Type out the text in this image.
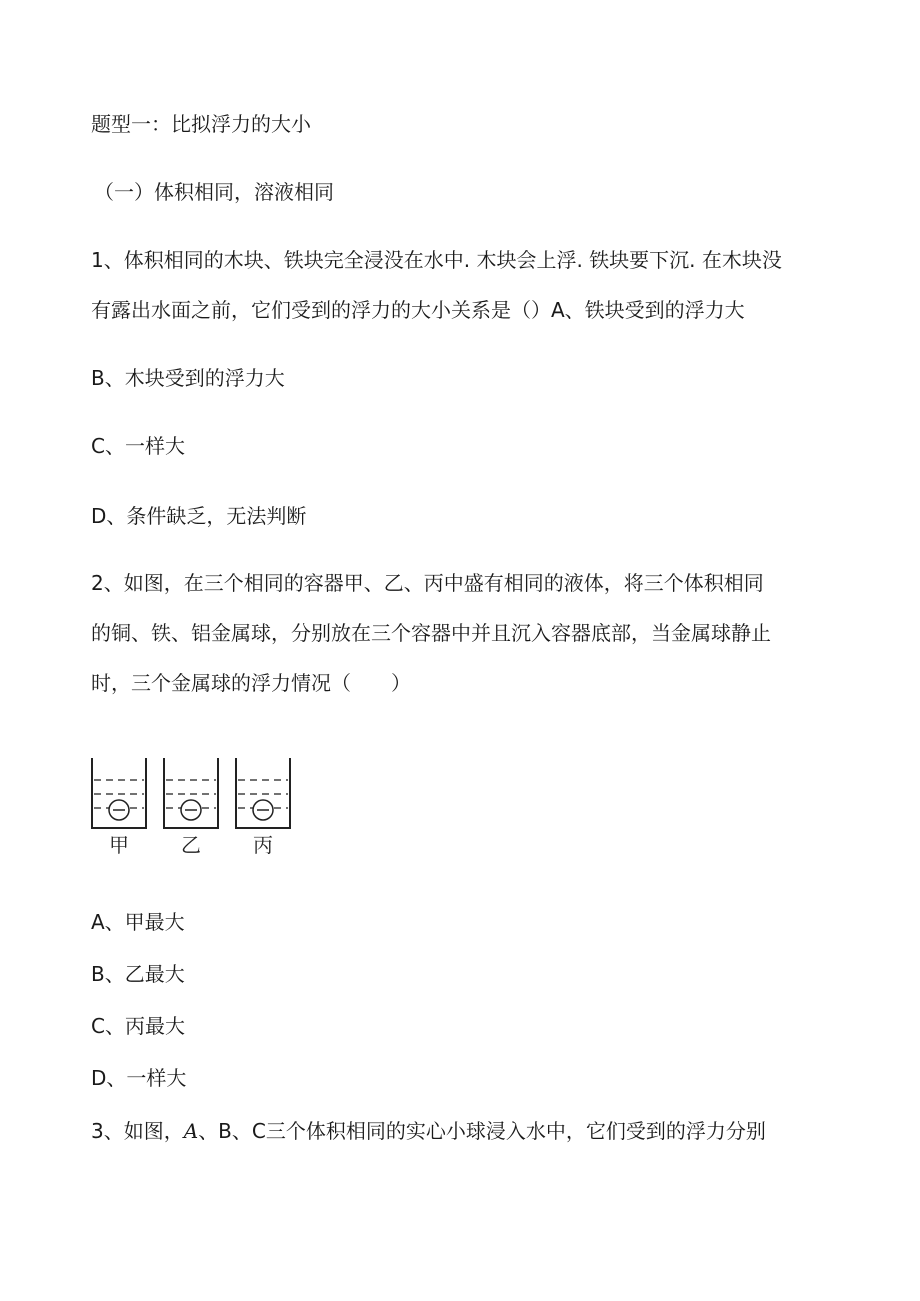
题型一：比拟浮力的大小
（一）体积相同，溶液相同
1、体积相同的木块、铁块完全浸没在水中. 木块会上浮. 铁块要下沉. 在木块没
有露出水面之前，它们受到的浮力的大小关系是（）A、铁块受到的浮力大
B、木块受到的浮力大
C、一样大
D、条件缺乏，无法判断
2、如图，在三个相同的容器甲、乙、丙中盛有相同的液体，将三个体积相同
的铜、铁、铝金属球，分别放在三个容器中并且沉入容器底部，当金属球静止
时，三个金属球的浮力情况（　　）
甲	乙	丙
A、甲最大
B、乙最大
C、丙最大
D、一样大
3、如图，A、B、C三个体积相同的实心小球浸入水中，它们受到的浮力分别
